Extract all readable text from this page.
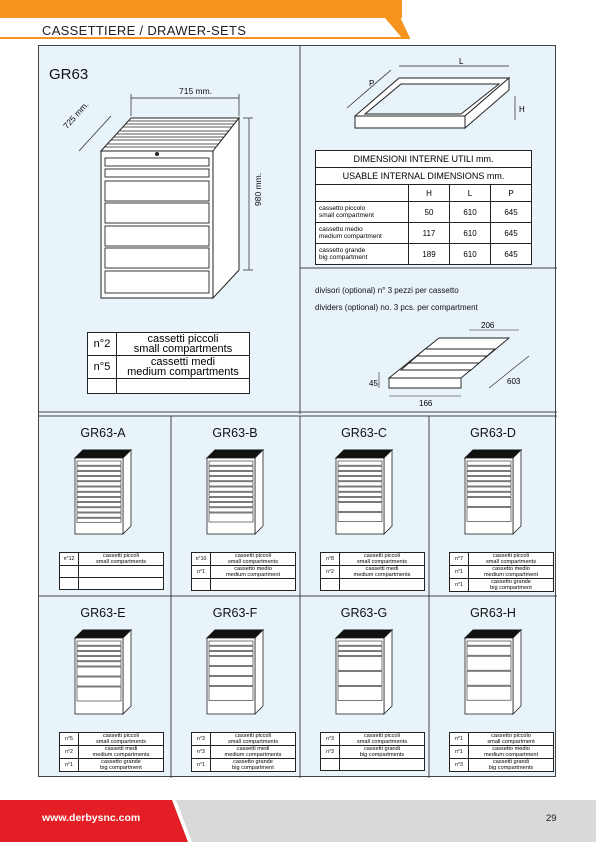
CASSETTIERE / DRAWER-SETS
GR63
715 mm.
725 mm.
980 mm.
n°2	cassetti piccoli
small compartments
n°5	cassetti medi
medium compartments

L
P
H
DIMENSIONI INTERNE UTILI mm.			
USABLE INTERNAL DIMENSIONS mm.			
	H	L	P
cassetto piccolo
small compartment	50	610	645
cassetto medio
medium compartment	117	610	645
cassetto grande
big compartment	189	610	645
divisori (optional) n° 3 pezzi per cassetto
dividers (optional) no. 3 pcs. per compartment
206
603
45
166
GR63-A
n°12	cassetti piccoli
small compartments

GR63-B
n°10	cassetti piccoli
small compartments
n°1	cassetto medio
medium compartment

GR63-C
n°8	cassetti piccoli
small compartments
n°2	cassetti medi
medium compartments

GR63-D
n°7	cassetti piccoli
small compartments
n°1	cassetto medio
medium compartment
n°1	cassetto grande
big compartment
GR63-E
n°5	cassetti piccoli
small compartments
n°2	cassetti medi
medium compartments
n°1	cassetto grande
big compartment
GR63-F
n°3	cassetti piccoli
small compartments
n°3	cassetti medi
medium compartments
n°1	cassetto grande
big compartment
GR63-G
n°3	cassetti piccoli
small compartments
n°3	cassetti grandi
big compartments

GR63-H
n°1	cassetto piccolo
small compartment
n°1	cassetto medio
medium compartment
n°3	cassetti grandi
big compartments
www.derbysnc.com	29
